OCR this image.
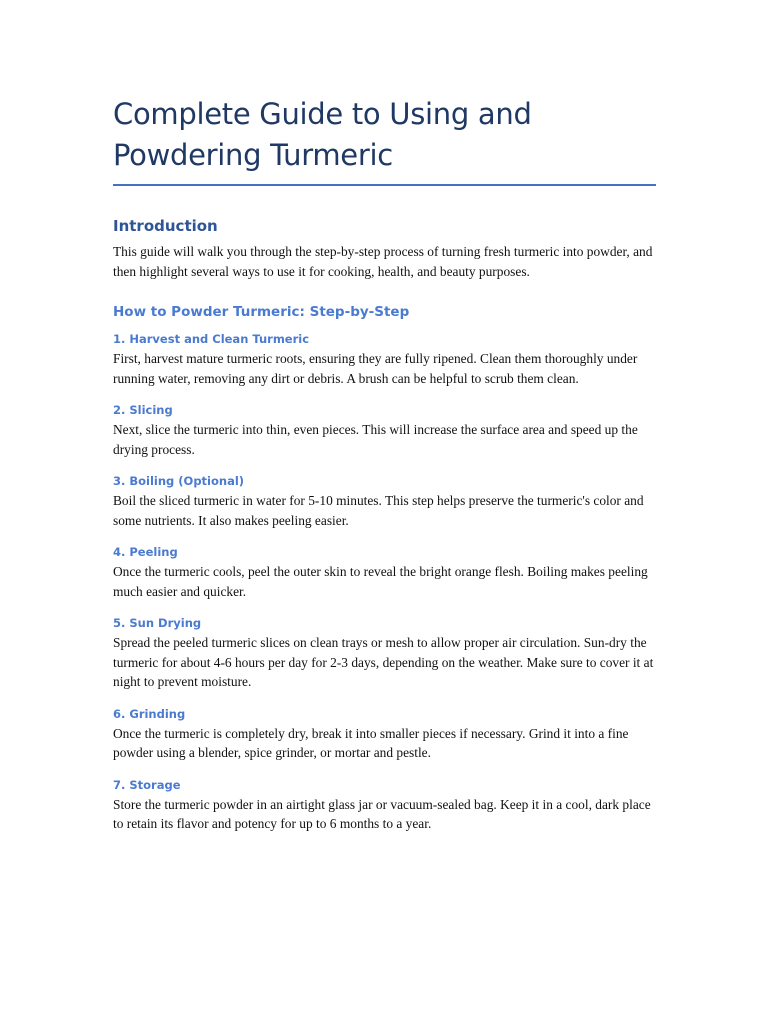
Complete Guide to Using and Powdering Turmeric
Introduction

This guide will walk you through the step-by-step process of turning fresh turmeric into powder, and then highlight several ways to use it for cooking, health, and beauty purposes.

How to Powder Turmeric: Step-by-Step
1. Harvest and Clean Turmeric

First, harvest mature turmeric roots, ensuring they are fully ripened. Clean them thoroughly under running water, removing any dirt or debris. A brush can be helpful to scrub them clean.

2. Slicing

Next, slice the turmeric into thin, even pieces. This will increase the surface area and speed up the drying process.

3. Boiling (Optional)

Boil the sliced turmeric in water for 5-10 minutes. This step helps preserve the turmeric's color and some nutrients. It also makes peeling easier.

4. Peeling

Once the turmeric cools, peel the outer skin to reveal the bright orange flesh. Boiling makes peeling much easier and quicker.

5. Sun Drying

Spread the peeled turmeric slices on clean trays or mesh to allow proper air circulation. Sun-dry the turmeric for about 4-6 hours per day for 2-3 days, depending on the weather. Make sure to cover it at night to prevent moisture.

6. Grinding

Once the turmeric is completely dry, break it into smaller pieces if necessary. Grind it into a fine powder using a blender, spice grinder, or mortar and pestle.

7. Storage

Store the turmeric powder in an airtight glass jar or vacuum-sealed bag. Keep it in a cool, dark place to retain its flavor and potency for up to 6 months to a year.
